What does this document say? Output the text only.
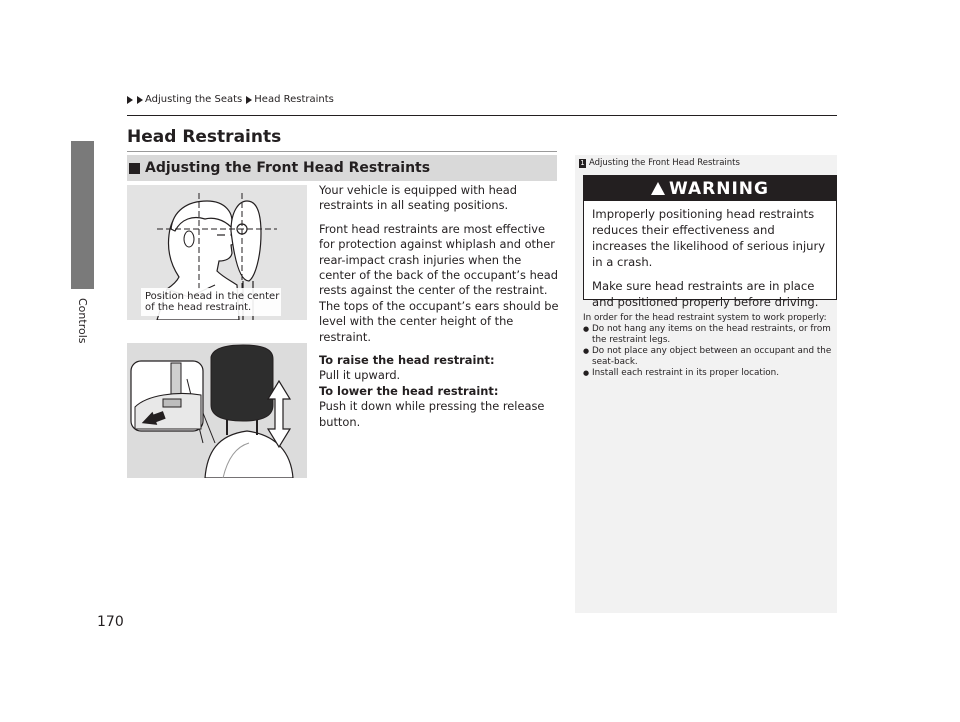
Controls
Adjusting the Seats Head Restraints
Head Restraints
Adjusting the Front Head Restraints
Position head in the center
of the head restraint.

Your vehicle is equipped with head restraints in all seating positions.

Front head restraints are most effective for protection against whiplash and other rear-impact crash injuries when the center of the back of the occupant’s head rests against the center of the restraint. The tops of the occupant’s ears should be level with the center height of the restraint.

To raise the head restraint:

Pull it upward.

To lower the head restraint:

Push it down while pressing the release button.

1 Adjusting the Front Head Restraints
WARNING

Improperly positioning head restraints reduces their effectiveness and increases the likelihood of serious injury in a crash.

Make sure head restraints are in place and positioned properly before driving.

In order for the head restraint system to work properly:
● Do not hang any items on the head restraints, or from the restraint legs.
● Do not place any object between an occupant and the seat-back.
● Install each restraint in its proper location.
170
